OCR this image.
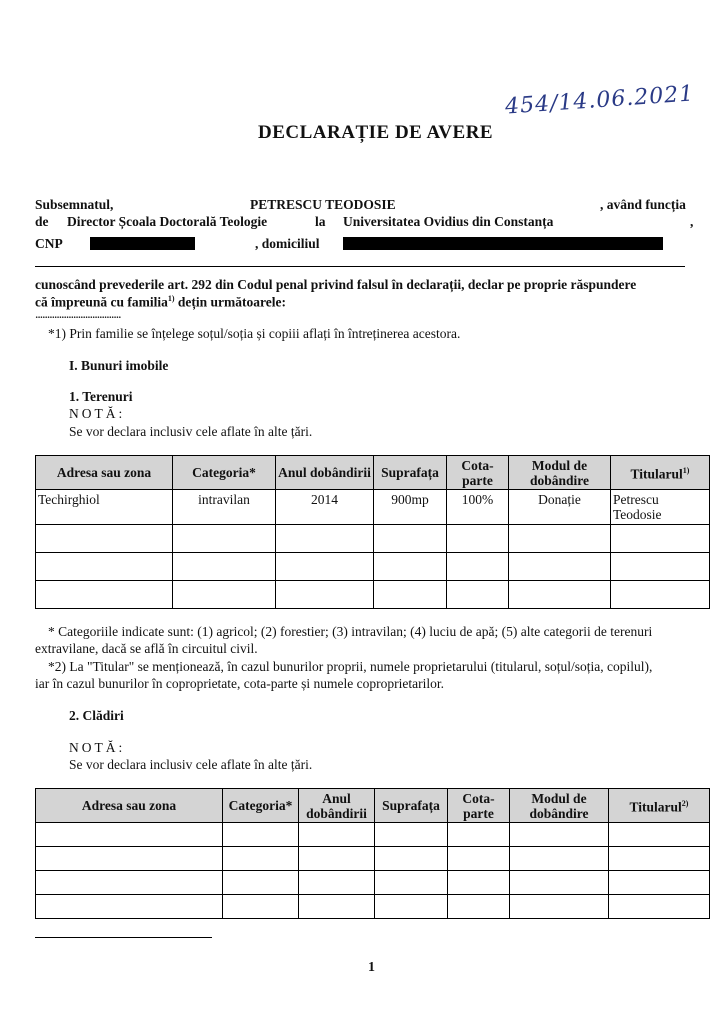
454/14.06.2021
DECLARAȚIE DE AVERE
Subsemnatul,	PETRESCU TEODOSIE	, având funcția
de Director Școala Doctorală Teologie	la Universitatea Ovidius din Constanța	,
CNP	, domiciliul
cunoscând prevederile art. 292 din Codul penal privind falsul în declarații, declar pe proprie răspundere
că împreună cu familia$^{1)}$ dețin următoarele:
....................................
*1) Prin familie se înțelege soțul/soția și copiii aflați în întreținerea acestora.
I. Bunuri imobile
1. Terenuri
NOTĂ:
Se vor declara inclusiv cele aflate în alte țări.
Adresa sau zona	Categoria*	Anul dobândirii	Suprafața	Cota-parte	Modul de dobândire	Titularul$^{1)}$
Techirghiol	intravilan	2014	900mp	100%	Donație	Petrescu Teodosie

* Categoriile indicate sunt: (1) agricol; (2) forestier; (3) intravilan; (4) luciu de apă; (5) alte categorii de terenuri
extravilane, dacă se află în circuitul civil.
*2) La "Titular" se menționează, în cazul bunurilor proprii, numele proprietarului (titularul, soțul/soția, copilul),
iar în cazul bunurilor în coproprietate, cota-parte și numele coproprietarilor.
2. Clădiri
NOTĂ:
Se vor declara inclusiv cele aflate în alte țări.
Adresa sau zona	Categoria*	Anul dobândirii	Suprafața	Cota-parte	Modul de dobândire	Titularul$^{2)}$

1
